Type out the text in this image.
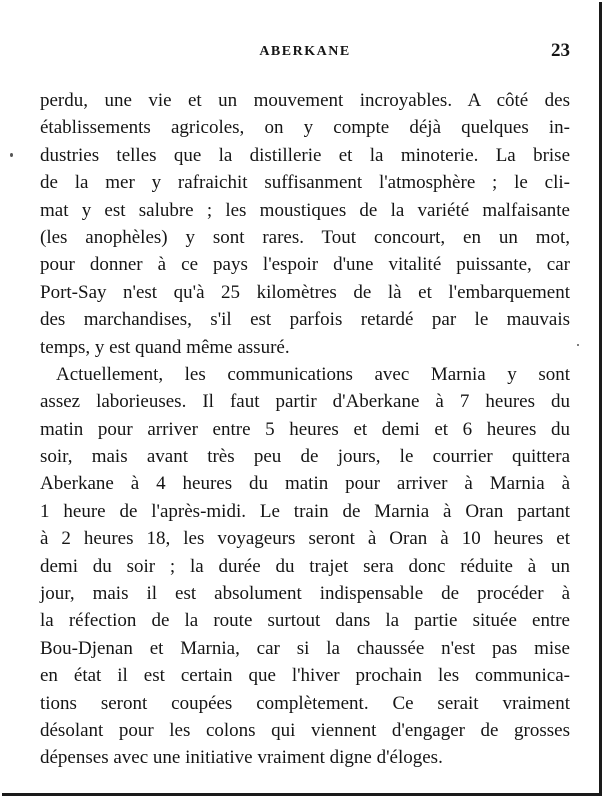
ABERKANE	23
perdu, une vie et un mouvement incroyables. A côté des
établissements agricoles, on y compte déjà quelques in-
dustries telles que la distillerie et la minoterie. La brise
de la mer y rafraichit suffisanment l'atmosphère ; le cli-
mat y est salubre ; les moustiques de la variété malfaisante
(les anophèles) y sont rares. Tout concourt, en un mot,
pour donner à ce pays l'espoir d'une vitalité puissante, car
Port-Say n'est qu'à 25 kilomètres de là et l'embarquement
des marchandises, s'il est parfois retardé par le mauvais
temps, y est quand même assuré.
Actuellement, les communications avec Marnia y sont
assez laborieuses. Il faut partir d'Aberkane à 7 heures du
matin pour arriver entre 5 heures et demi et 6 heures du
soir, mais avant très peu de jours, le courrier quittera
Aberkane à 4 heures du matin pour arriver à Marnia à
1 heure de l'après-midi. Le train de Marnia à Oran partant
à 2 heures 18, les voyageurs seront à Oran à 10 heures et
demi du soir ; la durée du trajet sera donc réduite à un
jour, mais il est absolument indispensable de procéder à
la réfection de la route surtout dans la partie située entre
Bou-Djenan et Marnia, car si la chaussée n'est pas mise
en état il est certain que l'hiver prochain les communica-
tions seront coupées complètement. Ce serait vraiment
désolant pour les colons qui viennent d'engager de grosses
dépenses avec une initiative vraiment digne d'éloges.
